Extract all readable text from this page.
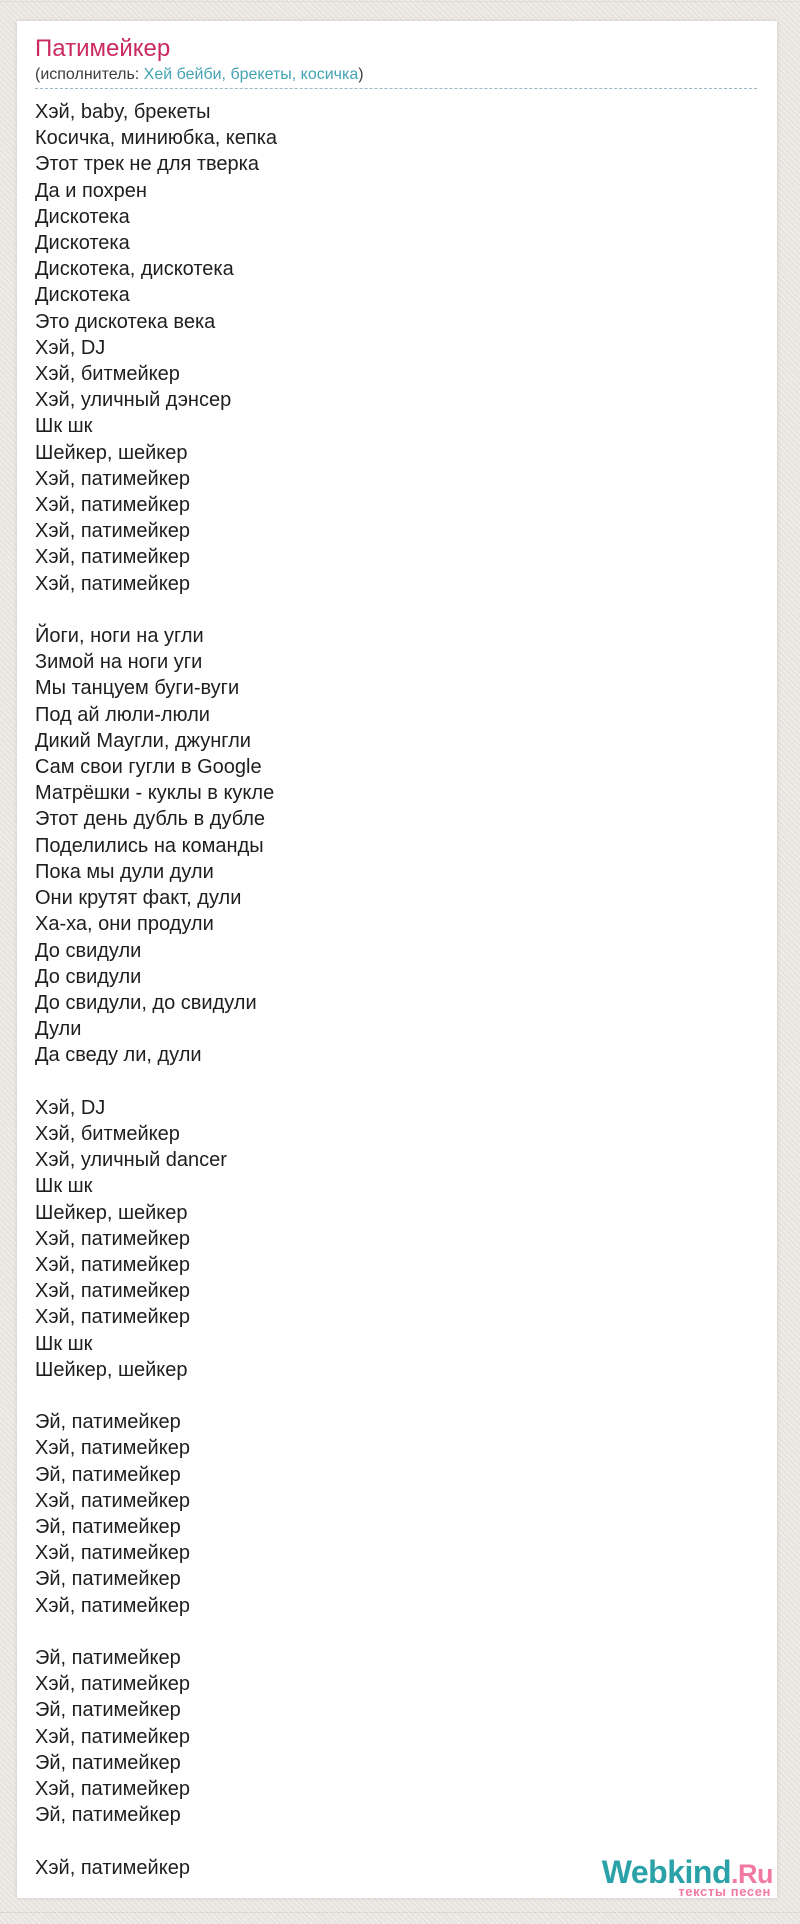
Патимейкер
(исполнитель: Хей бейби, брекеты, косичка)
Хэй, baby, брекеты
Косичка, миниюбка, кепка
Этот трек не для тверка
Да и похрен
Дискотека
Дискотека
Дискотека, дискотека
Дискотека
Это дискотека века
Хэй, DJ
Хэй, битмейкер
Хэй, уличный дэнсер
Шк шк
Шейкер, шейкер
Хэй, патимейкер
Хэй, патимейкер
Хэй, патимейкер
Хэй, патимейкер
Хэй, патимейкер

Йоги, ноги на угли
Зимой на ноги уги
Мы танцуем буги-вуги
Под ай люли-люли
Дикий Маугли, джунгли
Сам свои гугли в Google
Матрёшки - куклы в кукле
Этот день дубль в дубле
Поделились на команды
Пока мы дули дули
Они крутят факт, дули
Ха-ха, они продули
До свидули
До свидули
До свидули, до свидули
Дули
Да сведу ли, дули

Хэй, DJ
Хэй, битмейкер
Хэй, уличный dancer
Шк шк
Шейкер, шейкер
Хэй, патимейкер
Хэй, патимейкер
Хэй, патимейкер
Хэй, патимейкер
Шк шк
Шейкер, шейкер

Эй, патимейкер
Хэй, патимейкер
Эй, патимейкер
Хэй, патимейкер
Эй, патимейкер
Хэй, патимейкер
Эй, патимейкер
Хэй, патимейкер

Эй, патимейкер
Хэй, патимейкер
Эй, патимейкер
Хэй, патимейкер
Эй, патимейкер
Хэй, патимейкер
Эй, патимейкер

Хэй, патимейкер	Webkind.Ru
тексты песен
